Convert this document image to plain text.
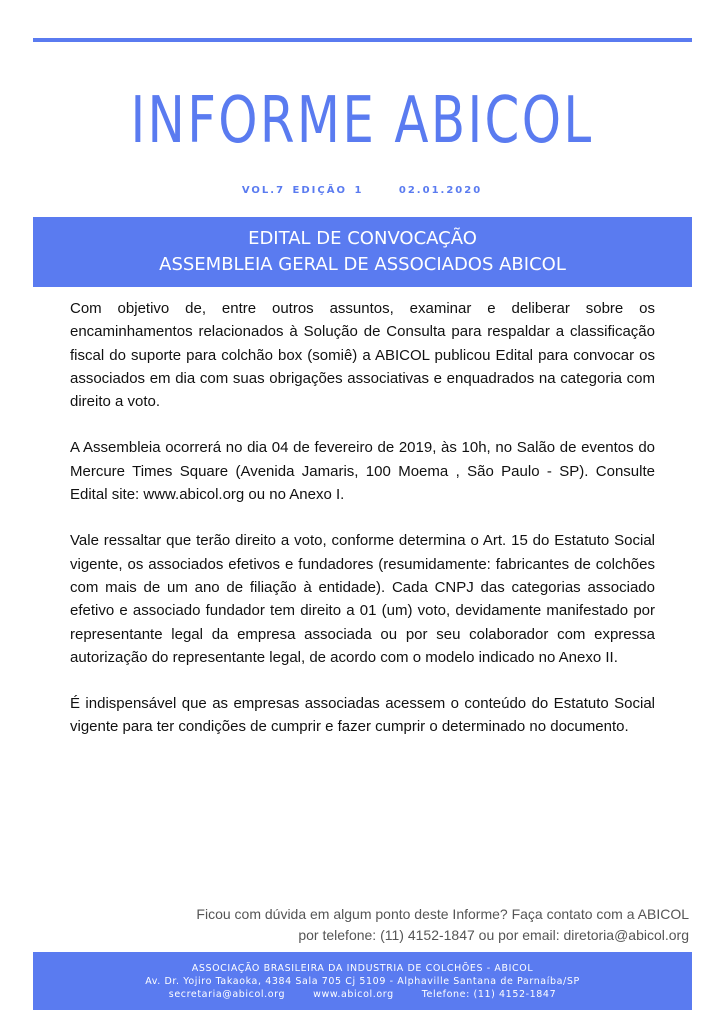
INFORME ABICOL
VOL.7 EDIÇÃO 1	02.01.2020
EDITAL DE CONVOCAÇÃO
ASSEMBLEIA GERAL DE ASSOCIADOS ABICOL

Com objetivo de, entre outros assuntos, examinar e deliberar sobre os encaminhamentos relacionados à Solução de Consulta para respaldar a classificação fiscal do suporte para colchão box (somiê) a ABICOL publicou Edital para convocar os associados em dia com suas obrigações associativas e enquadrados na categoria com direito a voto.

A Assembleia ocorrerá no dia 04 de fevereiro de 2019, às 10h, no Salão de eventos do Mercure Times Square (Avenida Jamaris, 100 Moema , São Paulo - SP). Consulte Edital site: www.abicol.org ou no Anexo I.

Vale ressaltar que terão direito a voto, conforme determina o Art. 15 do Estatuto Social vigente, os associados efetivos e fundadores (resumidamente: fabricantes de colchões com mais de um ano de filiação à entidade). Cada CNPJ das categorias associado efetivo e associado fundador tem direito a 01 (um) voto, devidamente manifestado por representante legal da empresa associada ou por seu colaborador com expressa autorização do representante legal, de acordo com o modelo indicado no Anexo II.

É indispensável que as empresas associadas acessem o conteúdo do Estatuto Social vigente para ter condições de cumprir e fazer cumprir o determinado no documento.

Ficou com dúvida em algum ponto deste Informe? Faça contato com a ABICOL
por telefone: (11) 4152-1847 ou por email: diretoria@abicol.org
ASSOCIAÇÃO BRASILEIRA DA INDUSTRIA DE COLCHÕES - ABICOL
Av. Dr. Yojiro Takaoka, 4384 Sala 705 Cj 5109 - Alphaville Santana de Parnaíba/SP
secretaria@abicol.org	www.abicol.org	Telefone: (11) 4152-1847
